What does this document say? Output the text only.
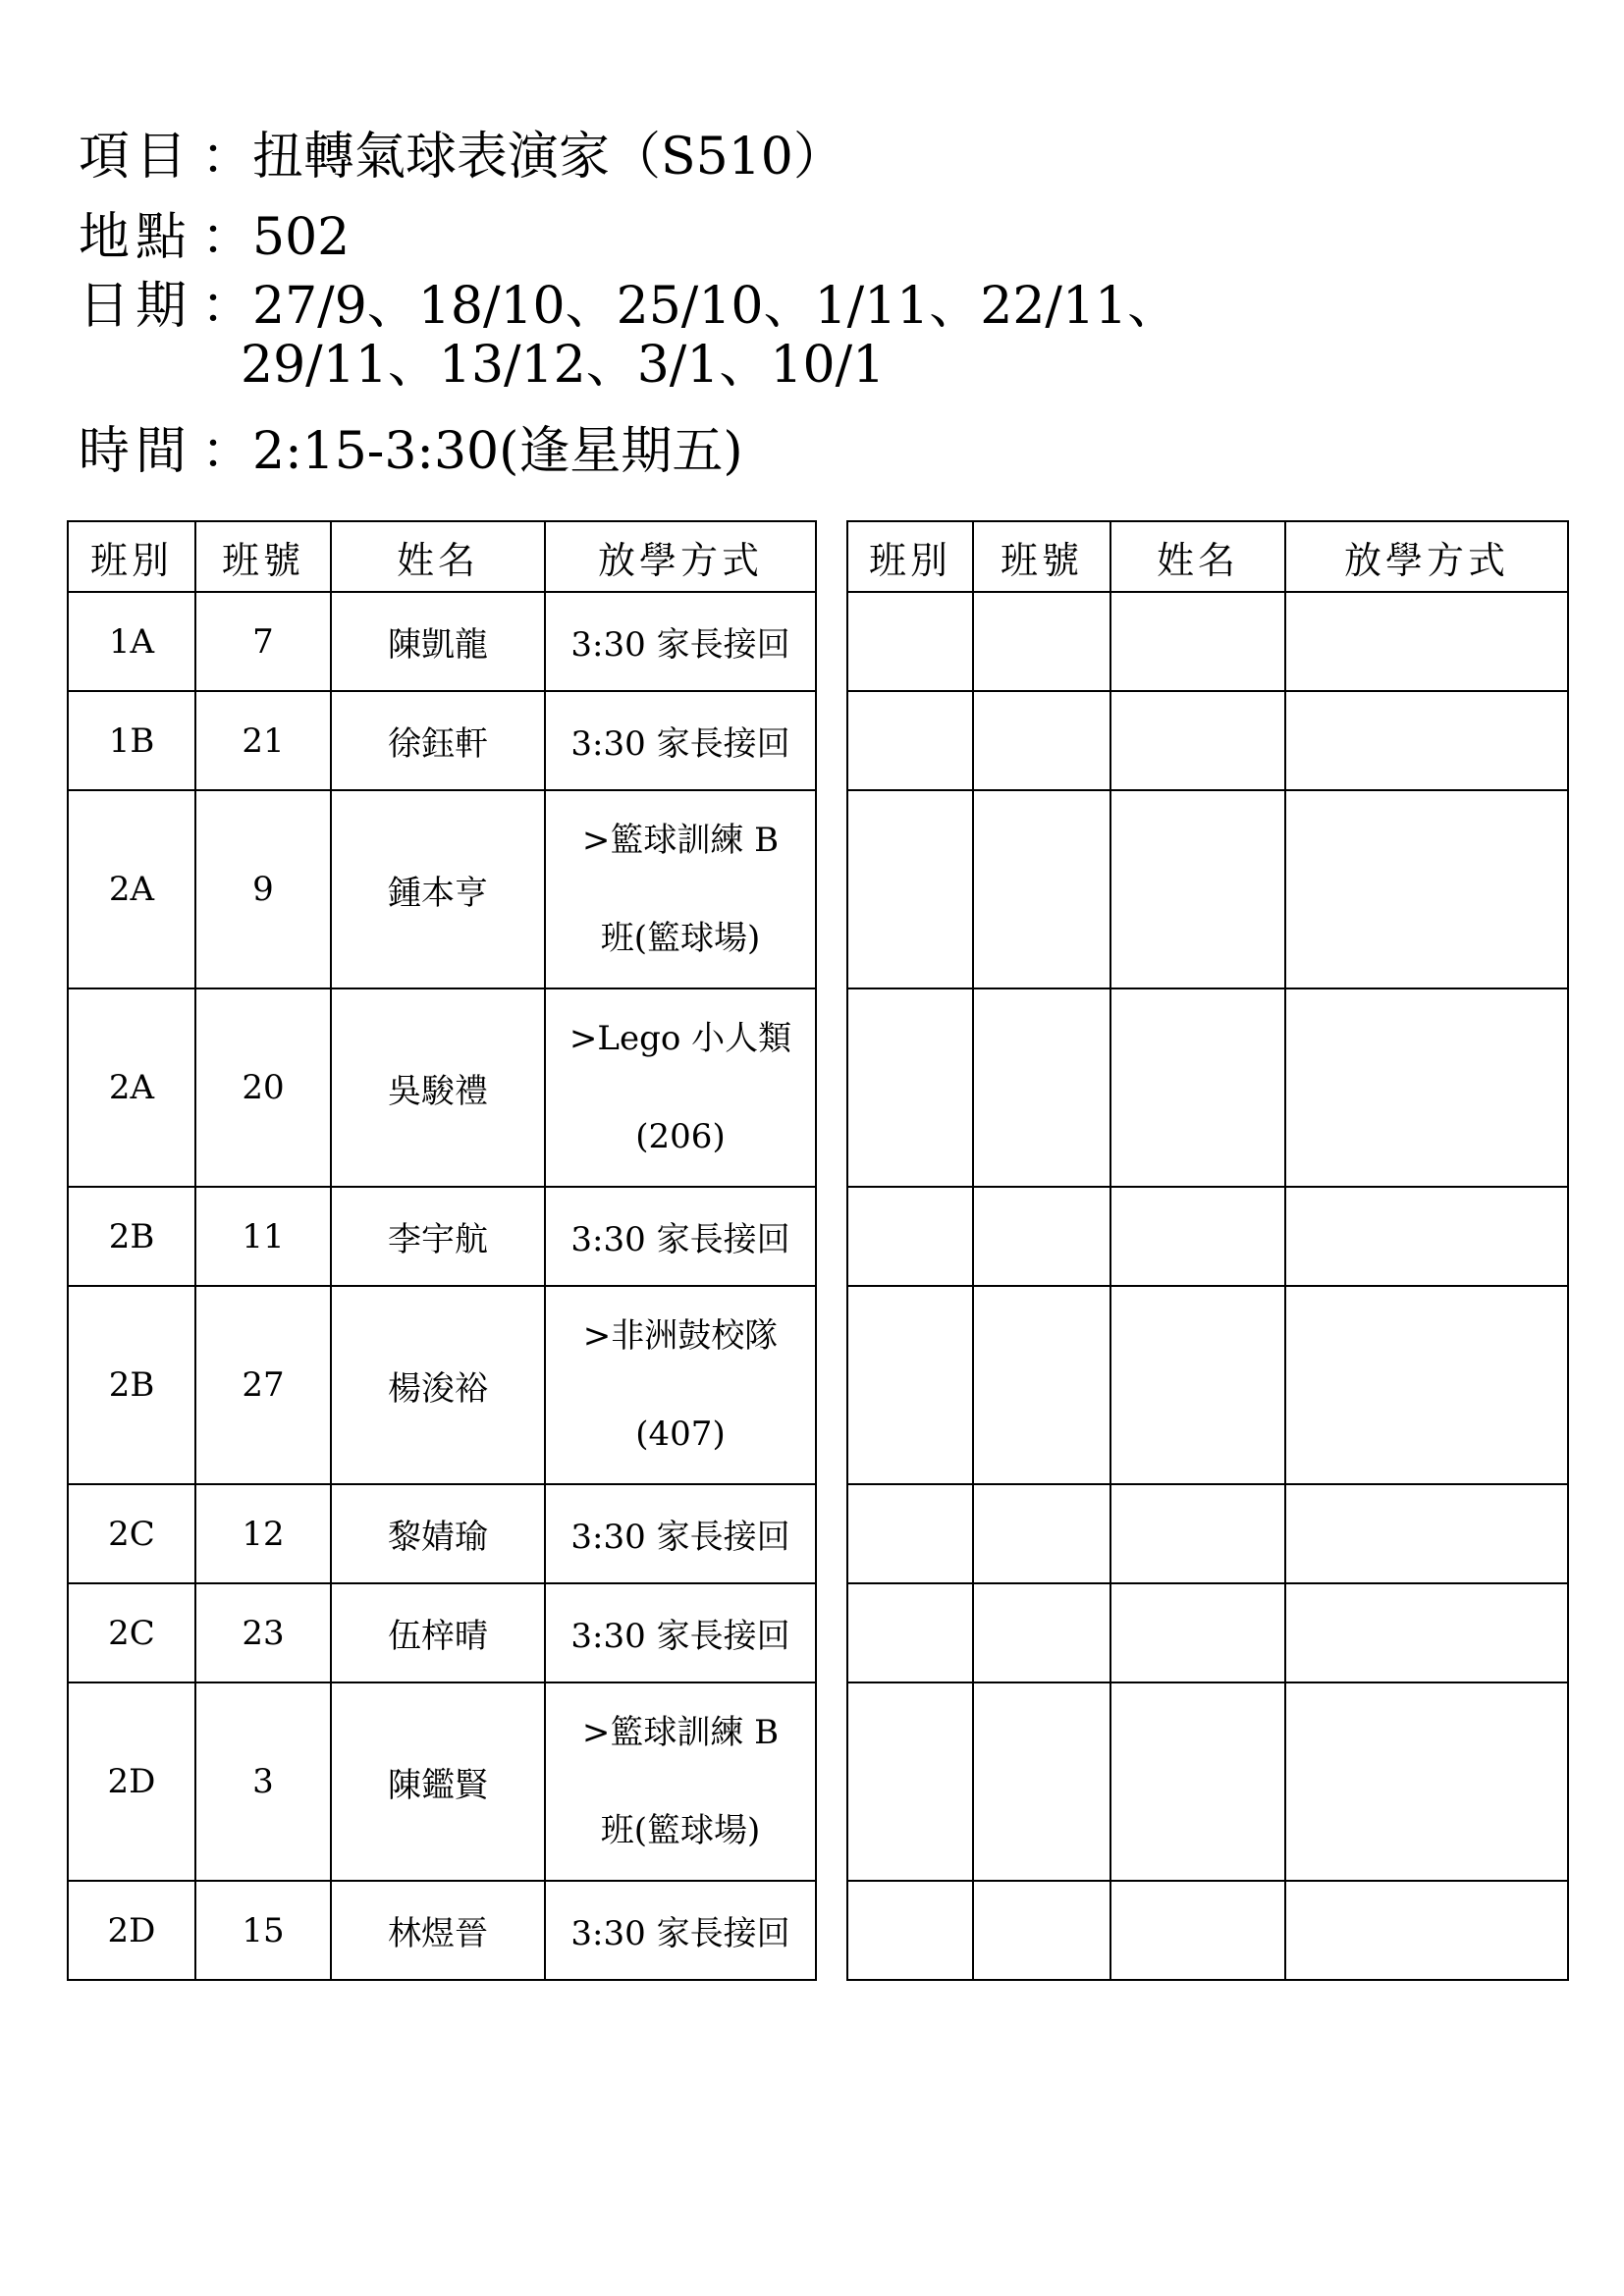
項目 ：扭轉氣球表演家（S510）
地點 ：502
日期 ：27/9、18/10、25/10、1/11、22/11、
29/11、13/12、3/1、10/1
時間 ：2:15-3:30(逢星期五)
班別	班號	姓名	放學方式
1A	7	陳凱龍	3:30 家長接回
1B	21	徐鈺軒	3:30 家長接回
2A	9	鍾本亨	>籃球訓練 B
班(籃球場)

2A	20	吳駿禮	>Lego 小人類
(206)

2B	11	李宇航	3:30 家長接回
2B	27	楊浚裕	>非洲鼓校隊
(407)

2C	12	黎婧瑜	3:30 家長接回
2C	23	伍梓晴	3:30 家長接回
2D	3	陳鑑賢	>籃球訓練 B
班(籃球場)

2D	15	林煜晉	3:30 家長接回
班別	班號	姓名	放學方式
